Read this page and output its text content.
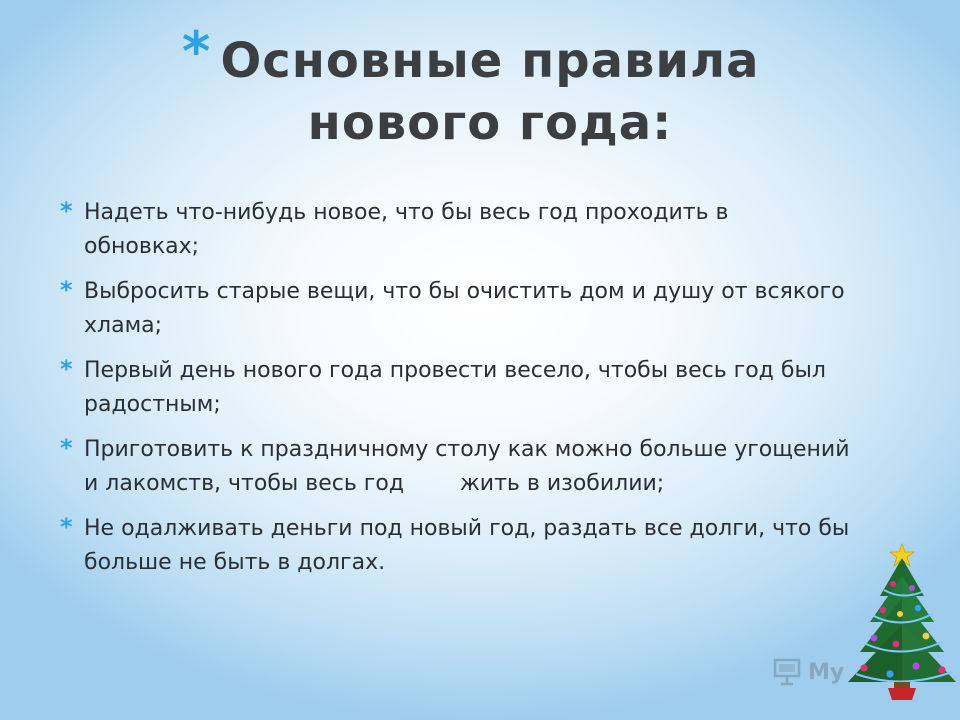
* Основные правила
нового года:
* Надеть что-нибудь новое, что бы весь год проходить в обновках;
* Выбросить старые вещи, что бы очистить дом и душу от всякого хлама;
* Первый день нового года провести весело, чтобы весь год был радостным;
* Приготовить к праздничному столу как можно больше угощений и лакомств, чтобы весь год        жить в изобилии;
* Не одалживать деньги под новый год, раздать все долги, что бы больше не быть в долгах.
My
